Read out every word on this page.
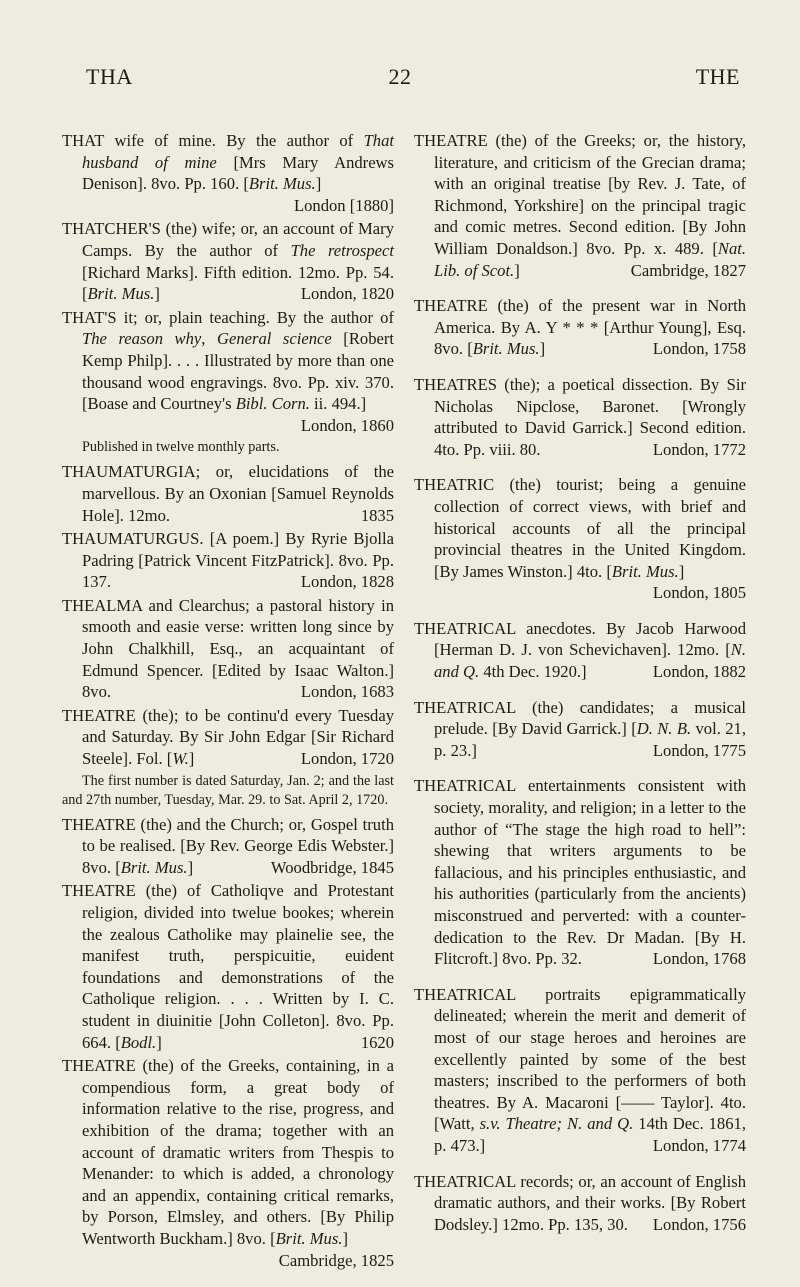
THA	22	THE
THAT wife of mine. By the author of That husband of mine [Mrs Mary Andrews Denison]. 8vo. Pp. 160. [Brit. Mus.]
London [1880]
THATCHER'S (the) wife; or, an account of Mary Camps. By the author of The retrospect [Richard Marks]. Fifth edition. 12mo. Pp. 54. [Brit. Mus.]	London, 1820
THAT'S it; or, plain teaching. By the author of The reason why, General science [Robert Kemp Philp]. . . . Illustrated by more than one thousand wood engravings. 8vo. Pp. xiv. 370. [Boase and Courtney's Bibl. Corn. ii. 494.]
London, 1860
Published in twelve monthly parts.
THAUMATURGIA; or, elucidations of the marvellous. By an Oxonian [Samuel Reynolds Hole]. 12mo.	1835
THAUMATURGUS. [A poem.] By Ryrie Bjolla Padring [Patrick Vincent FitzPatrick]. 8vo. Pp. 137.	London, 1828
THEALMA and Clearchus; a pastoral history in smooth and easie verse: written long since by John Chalkhill, Esq., an acquaintant of Edmund Spencer. [Edited by Isaac Walton.] 8vo.	London, 1683
THEATRE (the); to be continu'd every Tuesday and Saturday. By Sir John Edgar [Sir Richard Steele]. Fol. [W.]	London, 1720
The first number is dated Saturday, Jan. 2; and the last and 27th number, Tuesday, Mar. 29. to Sat. April 2, 1720.
THEATRE (the) and the Church; or, Gospel truth to be realised. [By Rev. George Edis Webster.] 8vo. [Brit. Mus.]	Woodbridge, 1845
THEATRE (the) of Catholiqve and Protestant religion, divided into twelue bookes; wherein the zealous Catholike may plainelie see, the manifest truth, perspicuitie, euident foundations and demonstrations of the Catholique religion. . . . Written by I. C. student in diuinitie [John Colleton]. 8vo. Pp. 664. [Bodl.]	1620
THEATRE (the) of the Greeks, containing, in a compendious form, a great body of information relative to the rise, progress, and exhibition of the drama; together with an account of dramatic writers from Thespis to Menander: to which is added, a chronology and an appendix, containing critical remarks, by Porson, Elmsley, and others. [By Philip Wentworth Buckham.] 8vo. [Brit. Mus.]
Cambridge, 1825
THEATRE (the) of the Greeks; or, the history, literature, and criticism of the Grecian drama; with an original treatise [by Rev. J. Tate, of Richmond, Yorkshire] on the principal tragic and comic metres. Second edition. [By John William Donaldson.] 8vo. Pp. x. 489. [Nat. Lib. of Scot.]	Cambridge, 1827
THEATRE (the) of the present war in North America. By A. Y * * * [Arthur Young], Esq. 8vo. [Brit. Mus.]	London, 1758
THEATRES (the); a poetical dissection. By Sir Nicholas Nipclose, Baronet. [Wrongly attributed to David Garrick.] Second edition. 4to. Pp. viii. 80.	London, 1772
THEATRIC (the) tourist; being a genuine collection of correct views, with brief and historical accounts of all the principal provincial theatres in the United Kingdom. [By James Winston.] 4to. [Brit. Mus.]
London, 1805
THEATRICAL anecdotes. By Jacob Harwood [Herman D. J. von Schevichaven]. 12mo. [N. and Q. 4th Dec. 1920.]	London, 1882
THEATRICAL (the) candidates; a musical prelude. [By David Garrick.] [D. N. B. vol. 21, p. 23.]	London, 1775
THEATRICAL entertainments consistent with society, morality, and religion; in a letter to the author of “The stage the high road to hell”: shewing that writers arguments to be fallacious, and his principles enthusiastic, and his authorities (particularly from the ancients) misconstrued and perverted: with a counter-dedication to the Rev. Dr Madan. [By H. Flitcroft.] 8vo. Pp. 32.	London, 1768
THEATRICAL portraits epigrammatically delineated; wherein the merit and demerit of most of our stage heroes and heroines are excellently painted by some of the best masters; inscribed to the performers of both theatres. By A. Macaroni [—— Taylor]. 4to. [Watt, s.v. Theatre; N. and Q. 14th Dec. 1861, p. 473.]	London, 1774
THEATRICAL records; or, an account of English dramatic authors, and their works. [By Robert Dodsley.] 12mo. Pp. 135, 30.	London, 1756
